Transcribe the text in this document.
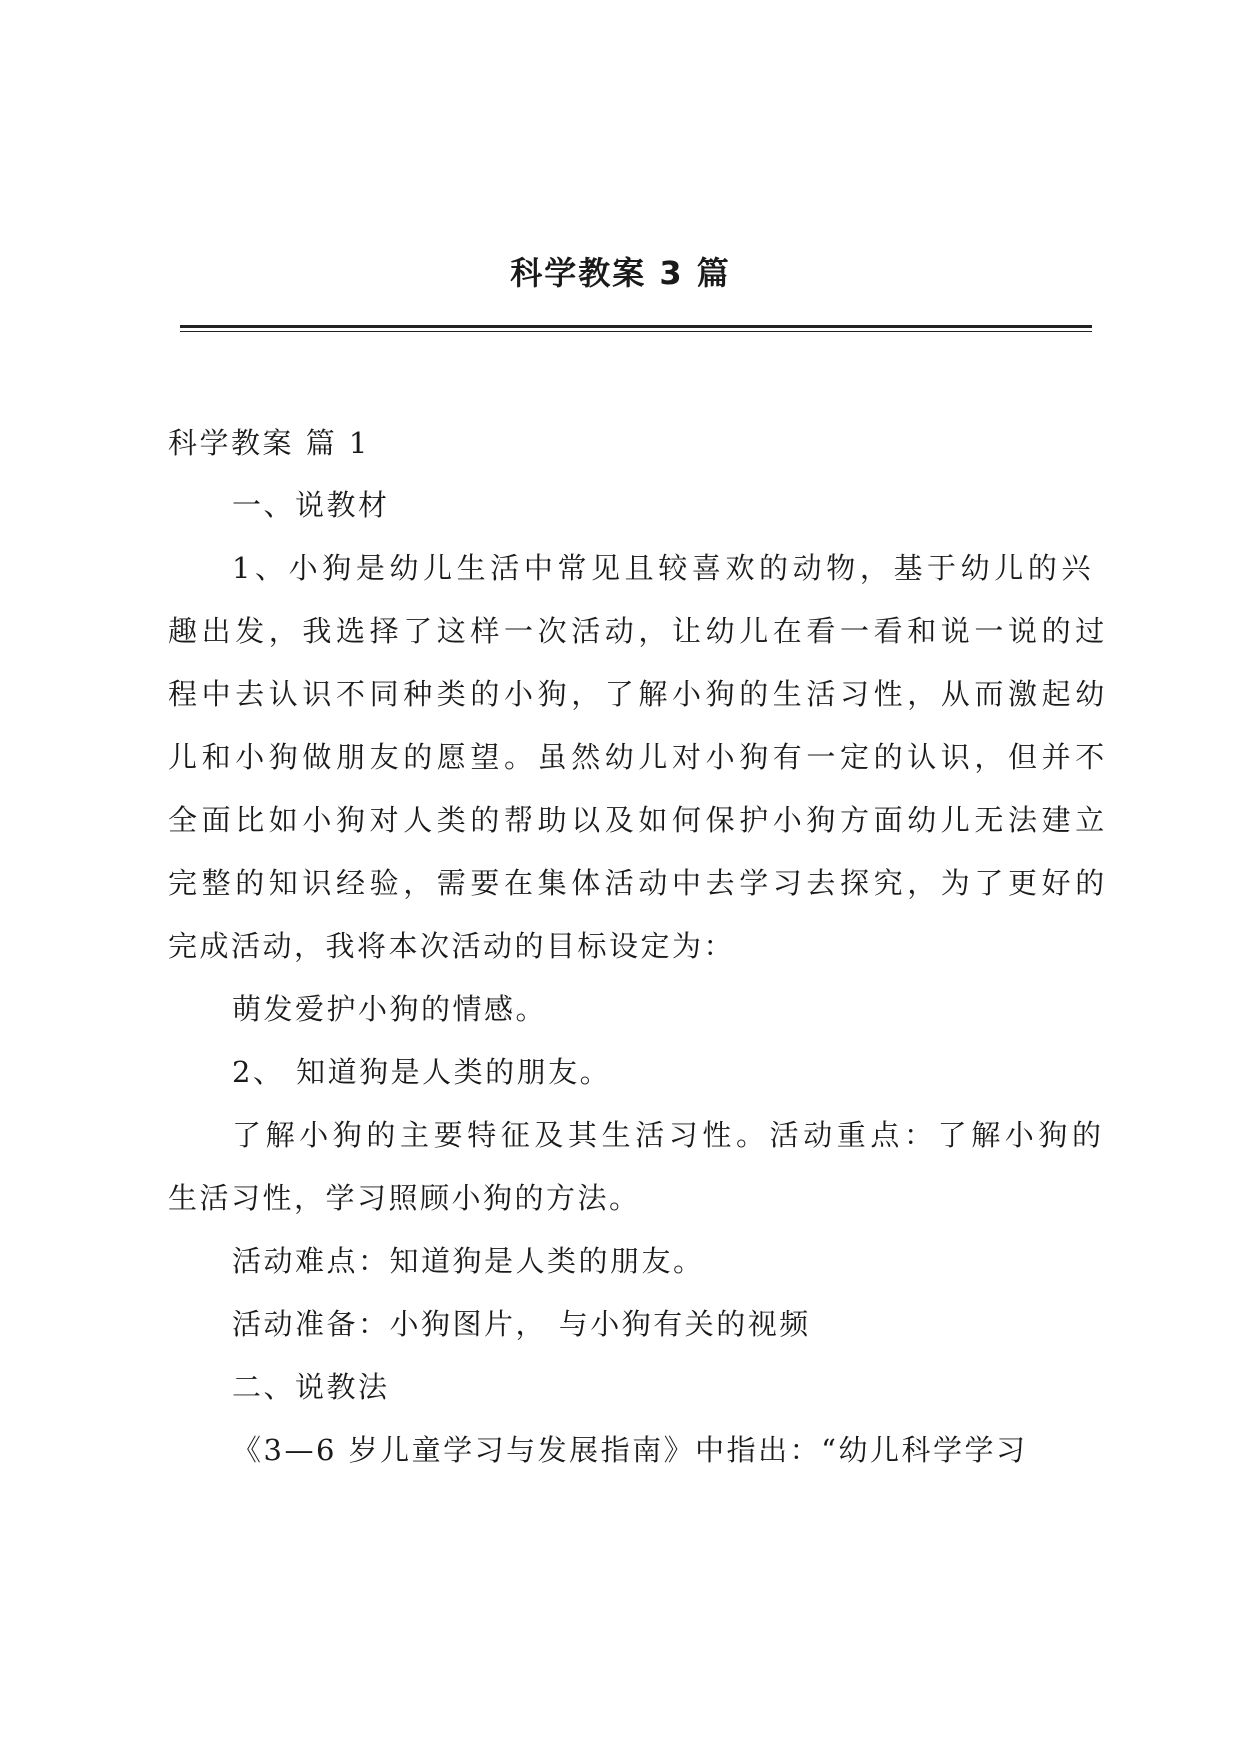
科学教案 3 篇
科学教案 篇 1
一、说教材
1、小狗是幼儿生活中常见且较喜欢的动物，基于幼儿的兴
趣出发，我选择了这样一次活动，让幼儿在看一看和说一说的过
程中去认识不同种类的小狗，了解小狗的生活习性，从而激起幼
儿和小狗做朋友的愿望。虽然幼儿对小狗有一定的认识，但并不
全面比如小狗对人类的帮助以及如何保护小狗方面幼儿无法建立
完整的知识经验，需要在集体活动中去学习去探究，为了更好的
完成活动，我将本次活动的目标设定为：
萌发爱护小狗的情感。
2、 知道狗是人类的朋友。
了解小狗的主要特征及其生活习性。活动重点：了解小狗的
生活习性，学习照顾小狗的方法。
活动难点：知道狗是人类的朋友。
活动准备：小狗图片， 与小狗有关的视频
二、说教法
《3—6 岁儿童学习与发展指南》中指出：“幼儿科学学习
